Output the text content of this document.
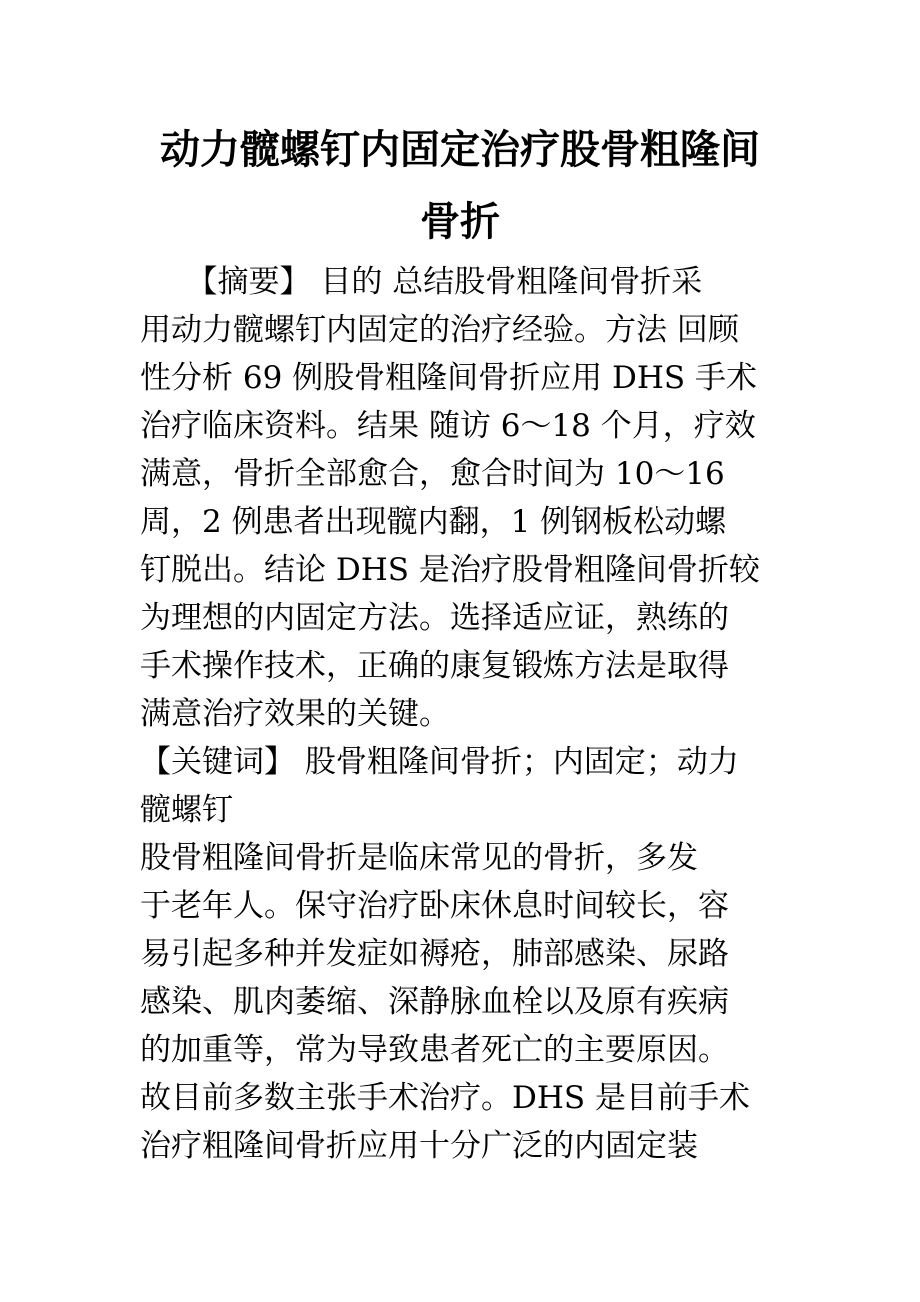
动力髋螺钉内固定治疗股骨粗隆间
骨折
　　【摘要】 目的 总结股骨粗隆间骨折采
用动力髋螺钉内固定的治疗经验。方法 回顾
性分析 69 例股骨粗隆间骨折应用 DHS 手术
治疗临床资料。结果 随访 6～18 个月，疗效
满意，骨折全部愈合，愈合时间为 10～16
周，2 例患者出现髋内翻，1 例钢板松动螺
钉脱出。结论 DHS 是治疗股骨粗隆间骨折较
为理想的内固定方法。选择适应证，熟练的
手术操作技术，正确的康复锻炼方法是取得
满意治疗效果的关键。
【关键词】 股骨粗隆间骨折；内固定；动力
髋螺钉
股骨粗隆间骨折是临床常见的骨折，多发
于老年人。保守治疗卧床休息时间较长，容
易引起多种并发症如褥疮，肺部感染、尿路
感染、肌肉萎缩、深静脉血栓以及原有疾病
的加重等，常为导致患者死亡的主要原因。
故目前多数主张手术治疗。DHS 是目前手术
治疗粗隆间骨折应用十分广泛的内固定装
